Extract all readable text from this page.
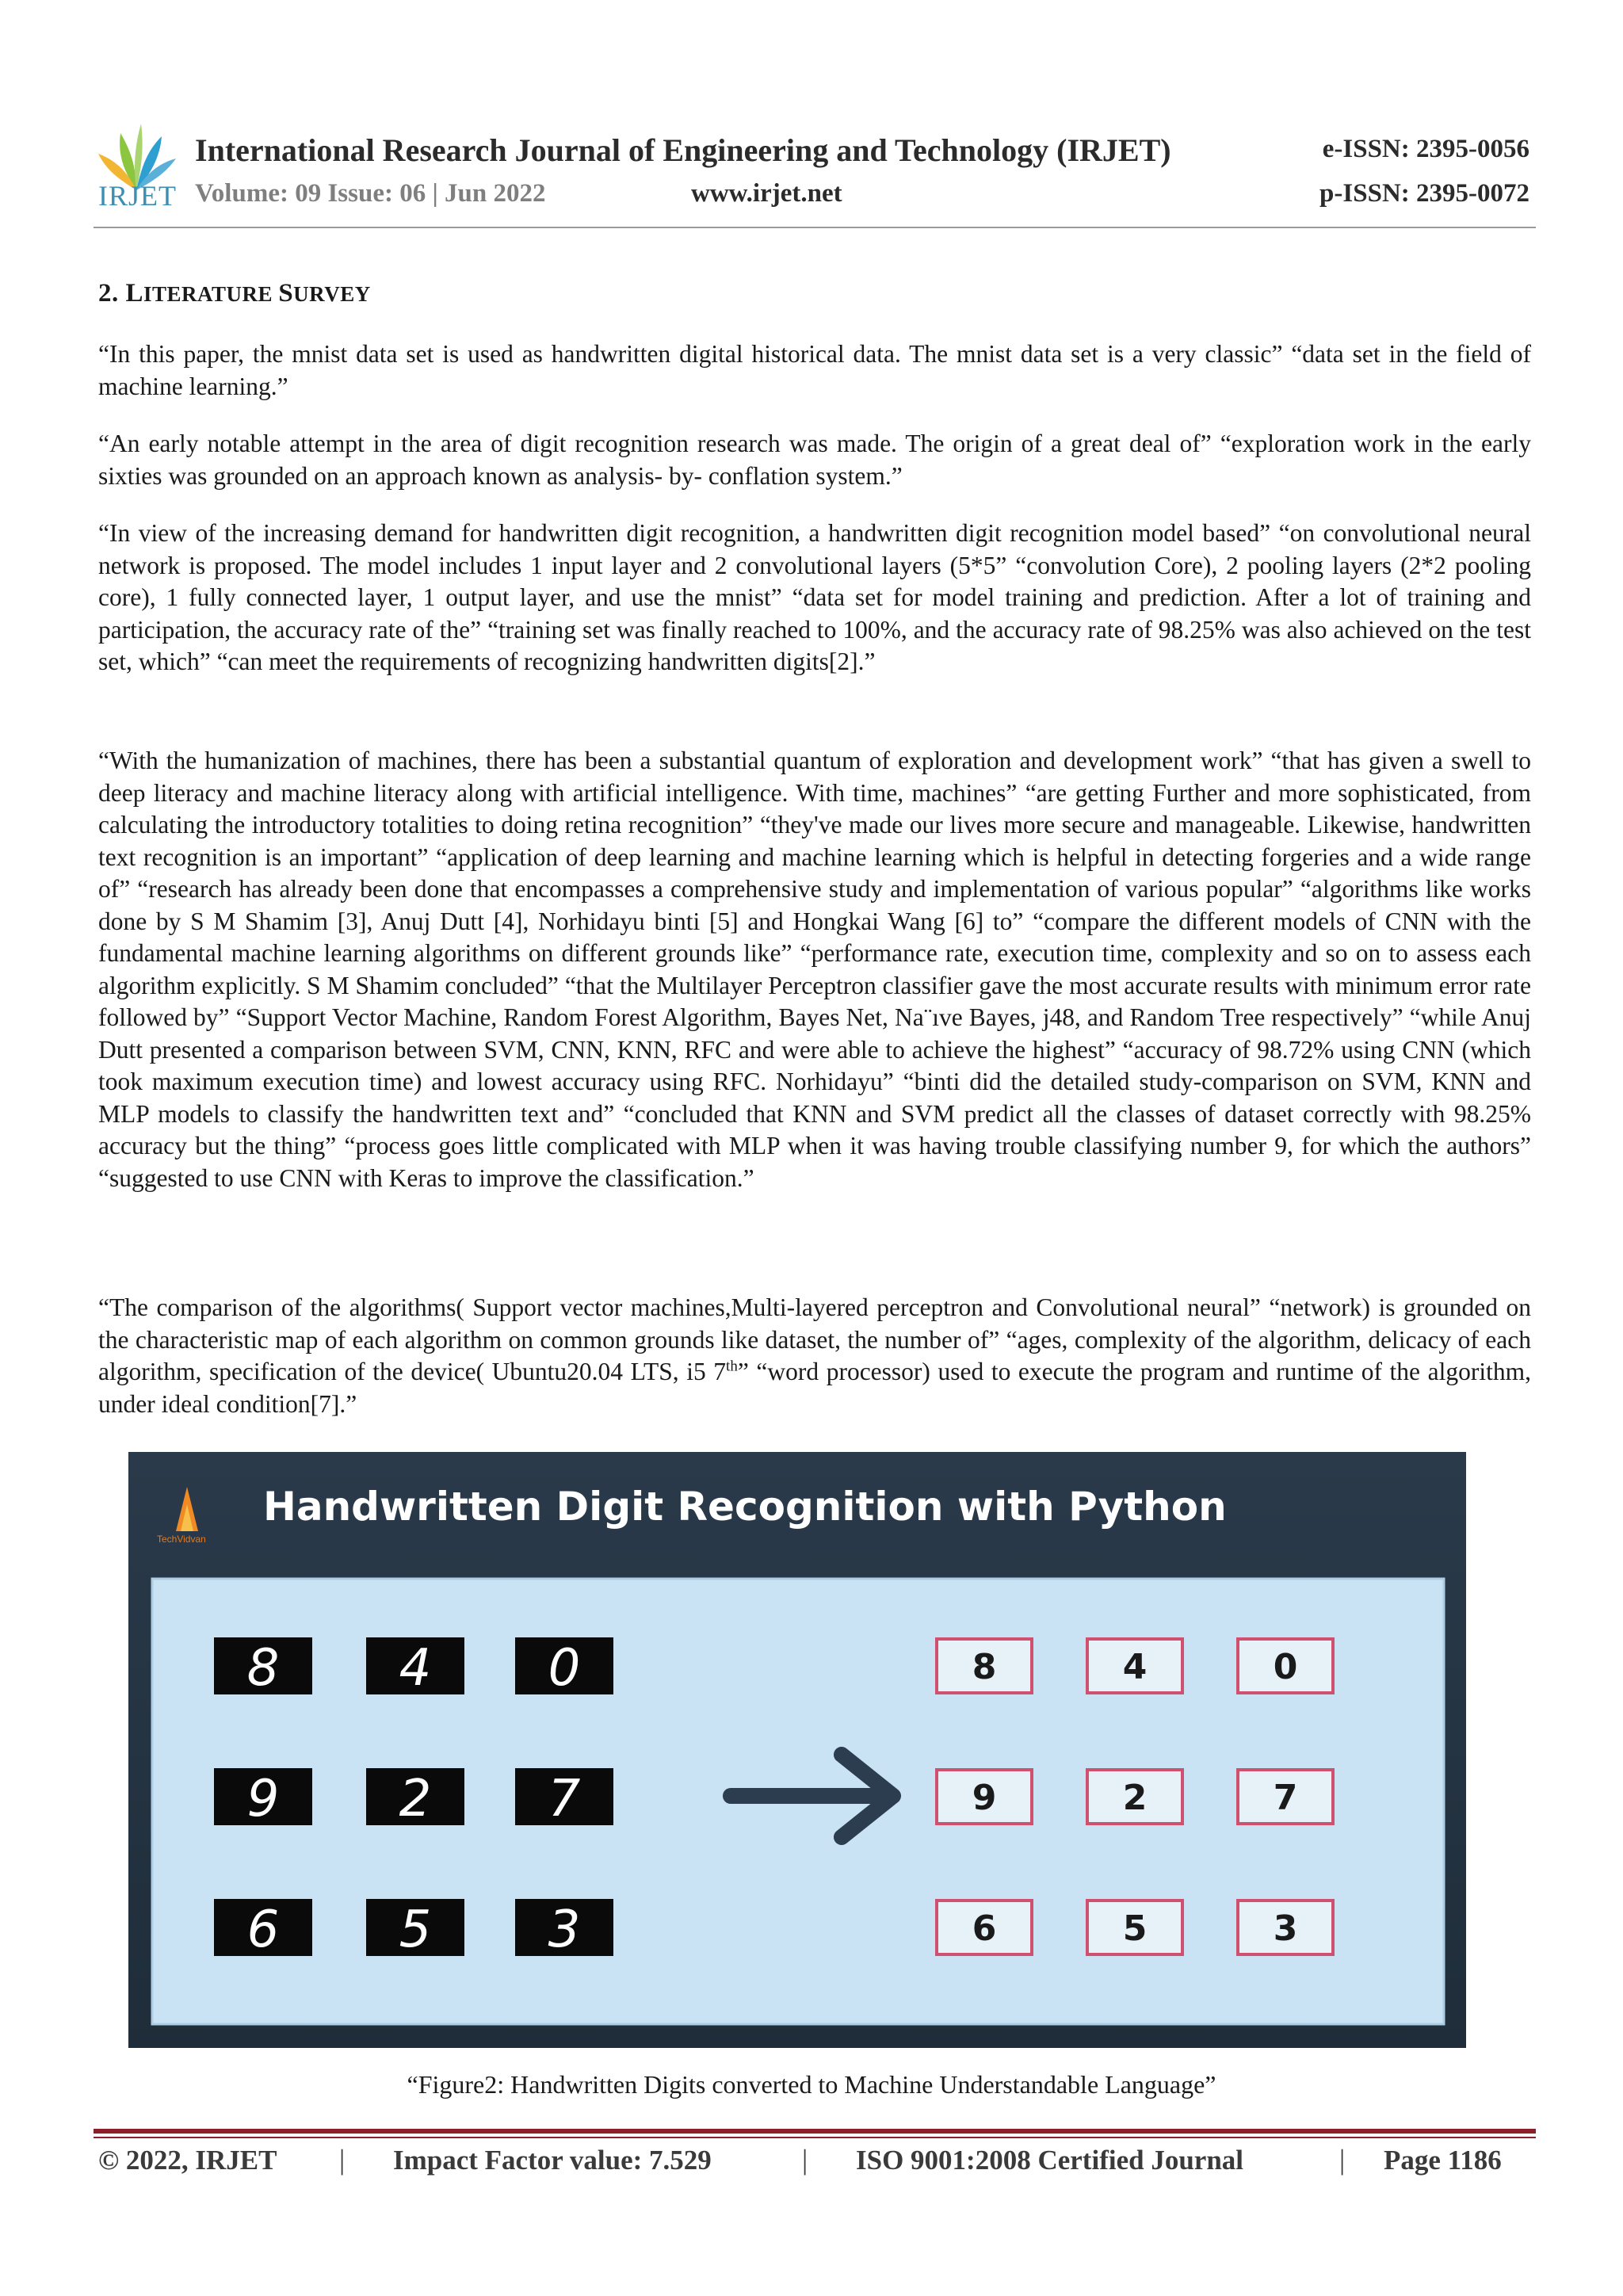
IRJET
International Research Journal of Engineering and Technology (IRJET)
Volume: 09 Issue: 06 | Jun 2022	www.irjet.net
e-ISSN: 2395-0056
p-ISSN: 2395-0072
2. LITERATURE SURVEY

“In this paper, the mnist data set is used as handwritten digital historical data. The mnist data set is a very classic” “data set in the field of machine learning.”

“An early notable attempt in the area of digit recognition research was made. The origin of a great deal of” “exploration work in the early sixties was grounded on an approach known as analysis- by- conflation system.”

“In view of the increasing demand for handwritten digit recognition, a handwritten digit recognition model based” “on convolutional neural network is proposed. The model includes 1 input layer and 2 convolutional layers (5*5” “convolution Core), 2 pooling layers (2*2 pooling core), 1 fully connected layer, 1 output layer, and use the mnist” “data set for model training and prediction. After a lot of training and participation, the accuracy rate of the” “training set was finally reached to 100%, and the accuracy rate of 98.25% was also achieved on the test set, which” “can meet the requirements of recognizing handwritten digits[2].”

“With the humanization of machines, there has been a substantial quantum of exploration and development work” “that has given a swell to deep literacy and machine literacy along with artificial intelligence. With time, machines” “are getting Further and more sophisticated, from calculating the introductory totalities to doing retina recognition” “they've made our lives more secure and manageable. Likewise, handwritten text recognition is an important” “application of deep learning and machine learning which is helpful in detecting forgeries and a wide range of” “research has already been done that encompasses a comprehensive study and implementation of various popular” “algorithms like works done by S M Shamim [3], Anuj Dutt [4], Norhidayu binti [5] and Hongkai Wang [6] to” “compare the different models of CNN with the fundamental machine learning algorithms on different grounds like” “performance rate, execution time, complexity and so on to assess each algorithm explicitly. S M Shamim concluded” “that the Multilayer Perceptron classifier gave the most accurate results with minimum error rate followed by” “Support Vector Machine, Random Forest Algorithm, Bayes Net, Na¨ıve Bayes, j48, and Random Tree respectively” “while Anuj Dutt presented a comparison between SVM, CNN, KNN, RFC and were able to achieve the highest” “accuracy of 98.72% using CNN (which took maximum execution time) and lowest accuracy using RFC. Norhidayu” “binti did the detailed study-comparison on SVM, KNN and MLP models to classify the handwritten text and” “concluded that KNN and SVM predict all the classes of dataset correctly with 98.25% accuracy but the thing” “process goes little complicated with MLP when it was having trouble classifying number 9, for which the authors” “suggested to use CNN with Keras to improve the classification.”

“The comparison of the algorithms( Support vector machines,Multi-layered perceptron and Convolutional neural” “network) is grounded on the characteristic map of each algorithm on common grounds like dataset, the number of” “ages, complexity of the algorithm, delicacy of each algorithm, specification of the device( Ubuntu20.04 LTS, i5 7th” “word processor) used to execute the program and runtime of the algorithm, under ideal condition[7].”

TechVidvan
Handwritten Digit Recognition with Python
8 4 0
9 2 7
6 5 3
8	4	0
9	2	7
6	5	3
“Figure2: Handwritten Digits converted to Machine Understandable Language”
© 2022, IRJET | Impact Factor value: 7.529	| ISO 9001:2008 Certified Journal	| Page 1186
